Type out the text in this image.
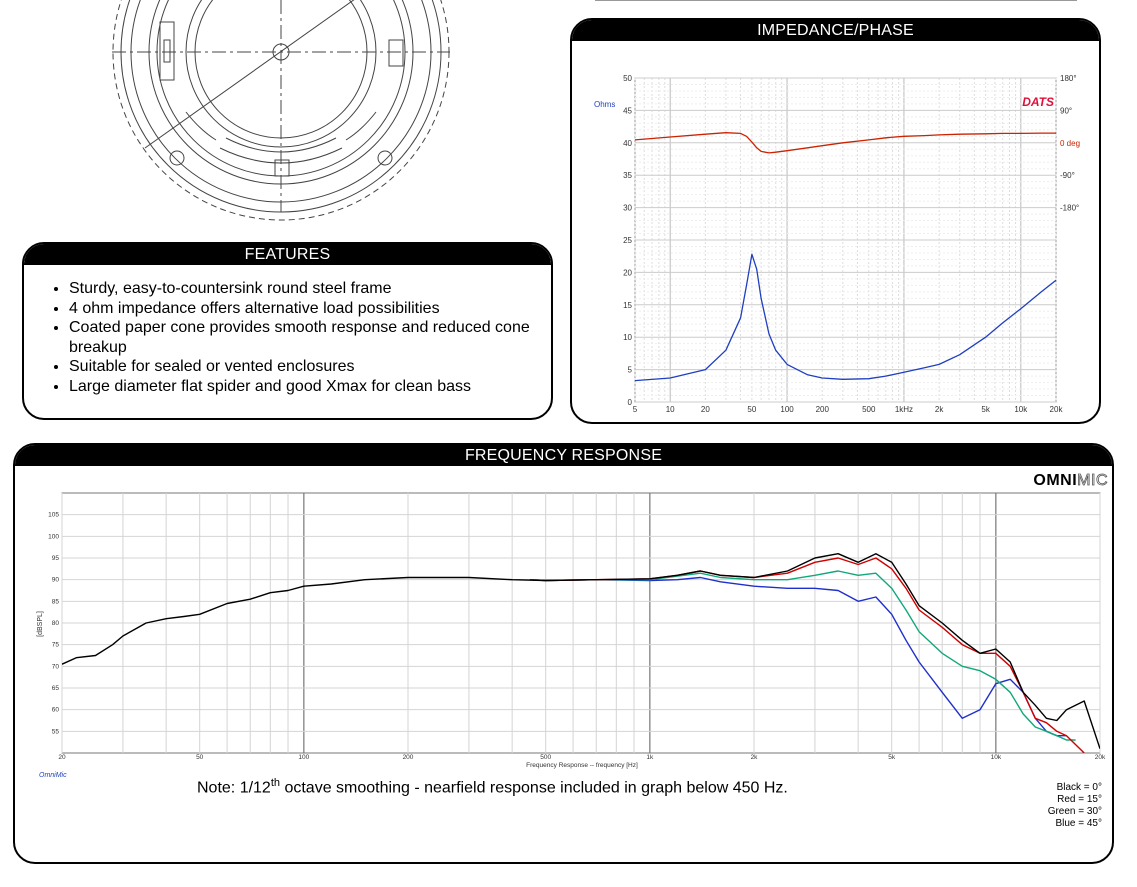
FEATURES
• Sturdy, easy-to-countersink round steel frame
• 4 ohm impedance offers alternative load possibilities
• Coated paper cone provides smooth response and reduced cone breakup
• Suitable for sealed or vented enclosures
• Large diameter flat spider and good Xmax for clean bass
IMPEDANCE/PHASE
5	10	20	50	100	200	500 1kHz	2k	5k	10k	20k
0
5
10
15
20
25
30
35
40
45
50	180°
90°
0 deg
-90°
-180°
Ohms	DATS
FREQUENCY RESPONSE
OMNIMIC
20	50	100	200	500	1k	2k	5k	10k	20k
55
60
65
70
75
80
85
90
95
100
105
[dBSPL]
Frequency Response -- frequency [Hz]
OmniMic
Note: 1/12th octave smoothing - nearfield response included in graph below 450 Hz.	Black = 0°
Red = 15°
Green = 30°
Blue = 45°
